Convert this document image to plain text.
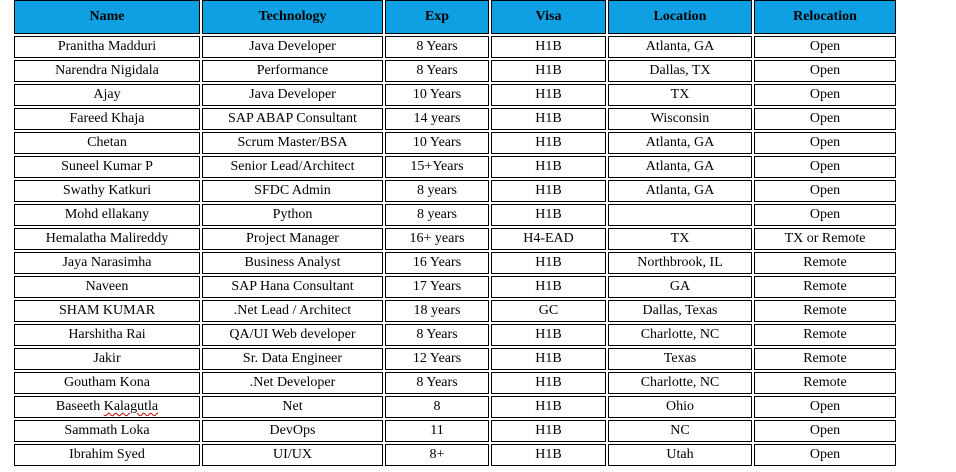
Name	Technology	Exp	Visa	Location	Relocation
Pranitha Madduri	Java Developer	8 Years	H1B	Atlanta, GA	Open
Narendra Nigidala	Performance	8 Years	H1B	Dallas, TX	Open
Ajay	Java Developer	10 Years	H1B	TX	Open
Fareed Khaja	SAP ABAP Consultant	14 years	H1B	Wisconsin	Open
Chetan	Scrum Master/BSA	10 Years	H1B	Atlanta, GA	Open
Suneel Kumar P	Senior Lead/Architect	15+Years	H1B	Atlanta, GA	Open
Swathy Katkuri	SFDC Admin	8 years	H1B	Atlanta, GA	Open
Mohd ellakany	Python	8 years	H1B		Open
Hemalatha Malireddy	Project Manager	16+ years	H4-EAD	TX	TX or Remote
Jaya Narasimha	Business Analyst	16 Years	H1B	Northbrook, IL	Remote
Naveen	SAP Hana Consultant	17 Years	H1B	GA	Remote
SHAM KUMAR	.Net Lead / Architect	18 years	GC	Dallas, Texas	Remote
Harshitha Rai	QA/UI Web developer	8 Years	H1B	Charlotte, NC	Remote
Jakir	Sr. Data Engineer	12 Years	H1B	Texas	Remote
Goutham Kona	.Net Developer	8 Years	H1B	Charlotte, NC	Remote
Baseeth Kalagutla	Net	8	H1B	Ohio	Open
Sammath Loka	DevOps	11	H1B	NC	Open
Ibrahim Syed	UI/UX	8+	H1B	Utah	Open
